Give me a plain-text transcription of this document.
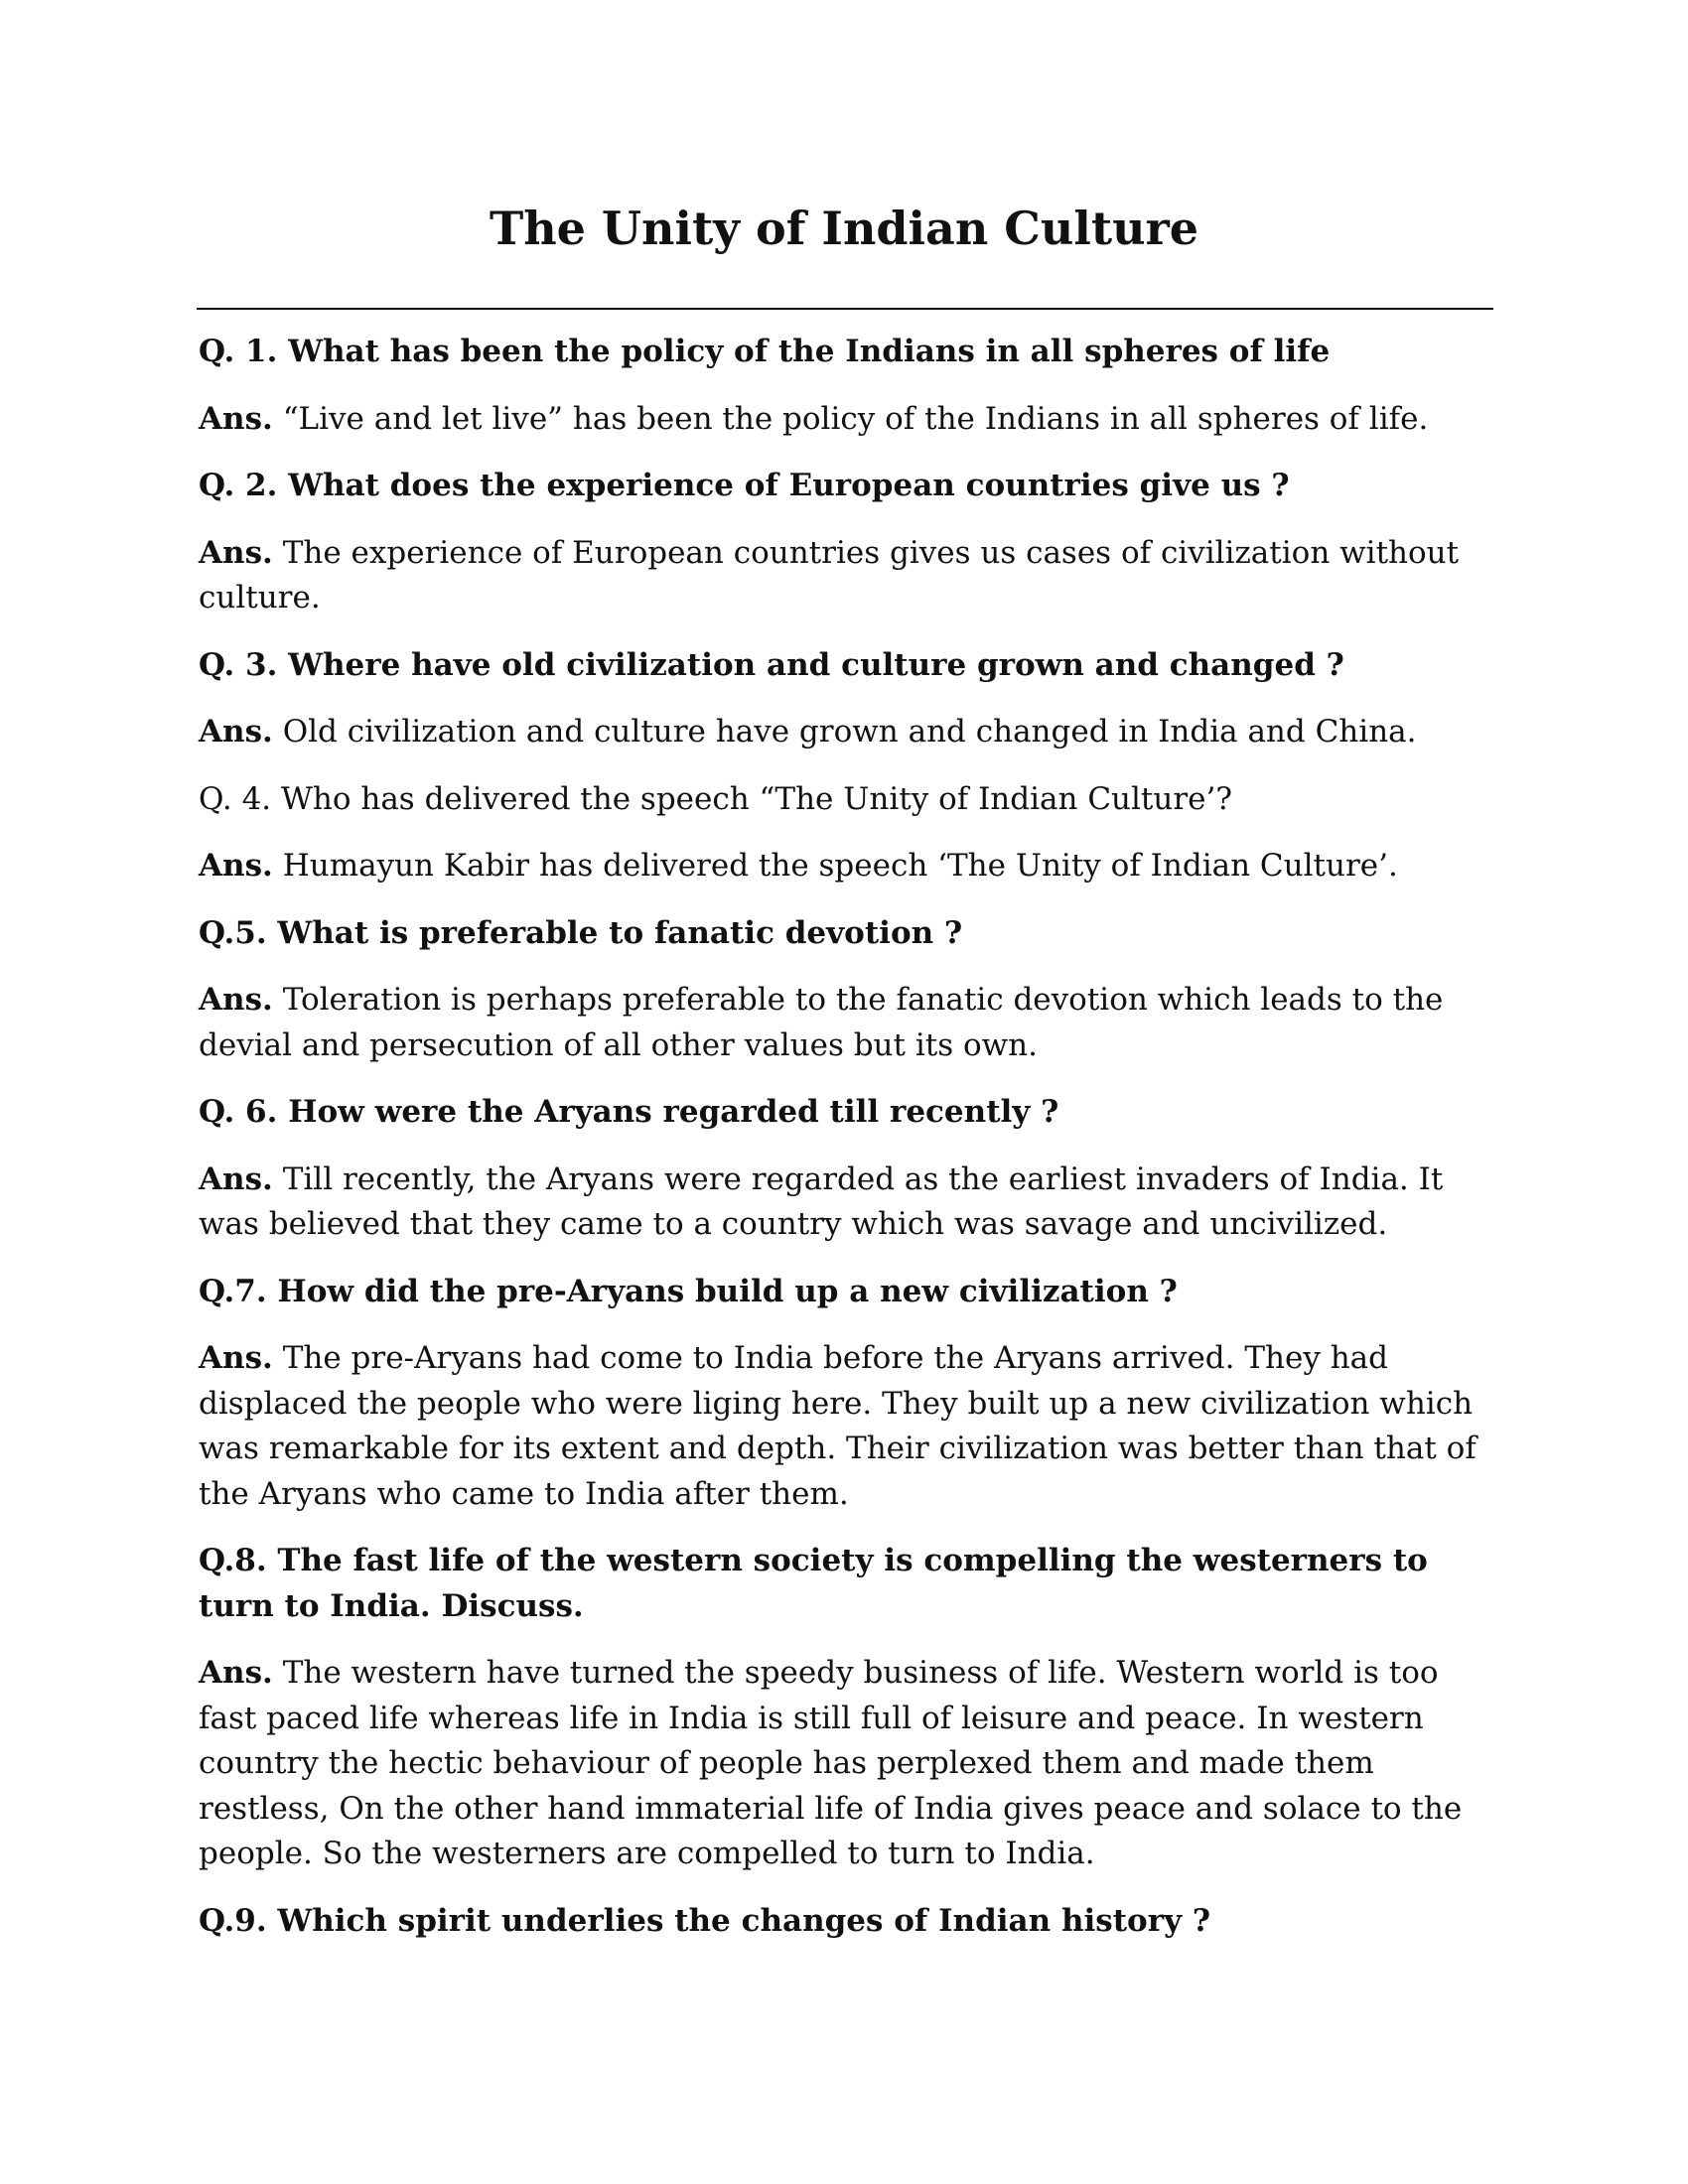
The Unity of Indian Culture

Q. 1. What has been the policy of the Indians in all spheres of life

Ans. “Live and let live” has been the policy of the Indians in all spheres of life.

Q. 2. What does the experience of European countries give us ?

Ans. The experience of European countries gives us cases of civilization without culture.

Q. 3. Where have old civilization and culture grown and changed ?

Ans. Old civilization and culture have grown and changed in India and China.

Q. 4. Who has delivered the speech “The Unity of Indian Culture’?

Ans. Humayun Kabir has delivered the speech ‘The Unity of Indian Culture’.

Q.5. What is preferable to fanatic devotion ?

Ans. Toleration is perhaps preferable to the fanatic devotion which leads to the devial and persecution of all other values but its own.

Q. 6. How were the Aryans regarded till recently ?

Ans. Till recently, the Aryans were regarded as the earliest invaders of India. It was believed that they came to a country which was savage and uncivilized.

Q.7. How did the pre-Aryans build up a new civilization ?

Ans. The pre-Aryans had come to India before the Aryans arrived. They had displaced the people who were liging here. They built up a new civilization which was remarkable for its extent and depth. Their civilization was better than that of the Aryans who came to India after them.

Q.8. The fast life of the western society is compelling the westerners to turn to India. Discuss.

Ans. The western have turned the speedy business of life. Western world is too fast paced life whereas life in India is still full of leisure and peace. In western country the hectic behaviour of people has perplexed them and made them restless, On the other hand immaterial life of India gives peace and solace to the people. So the westerners are compelled to turn to India.

Q.9. Which spirit underlies the changes of Indian history ?
